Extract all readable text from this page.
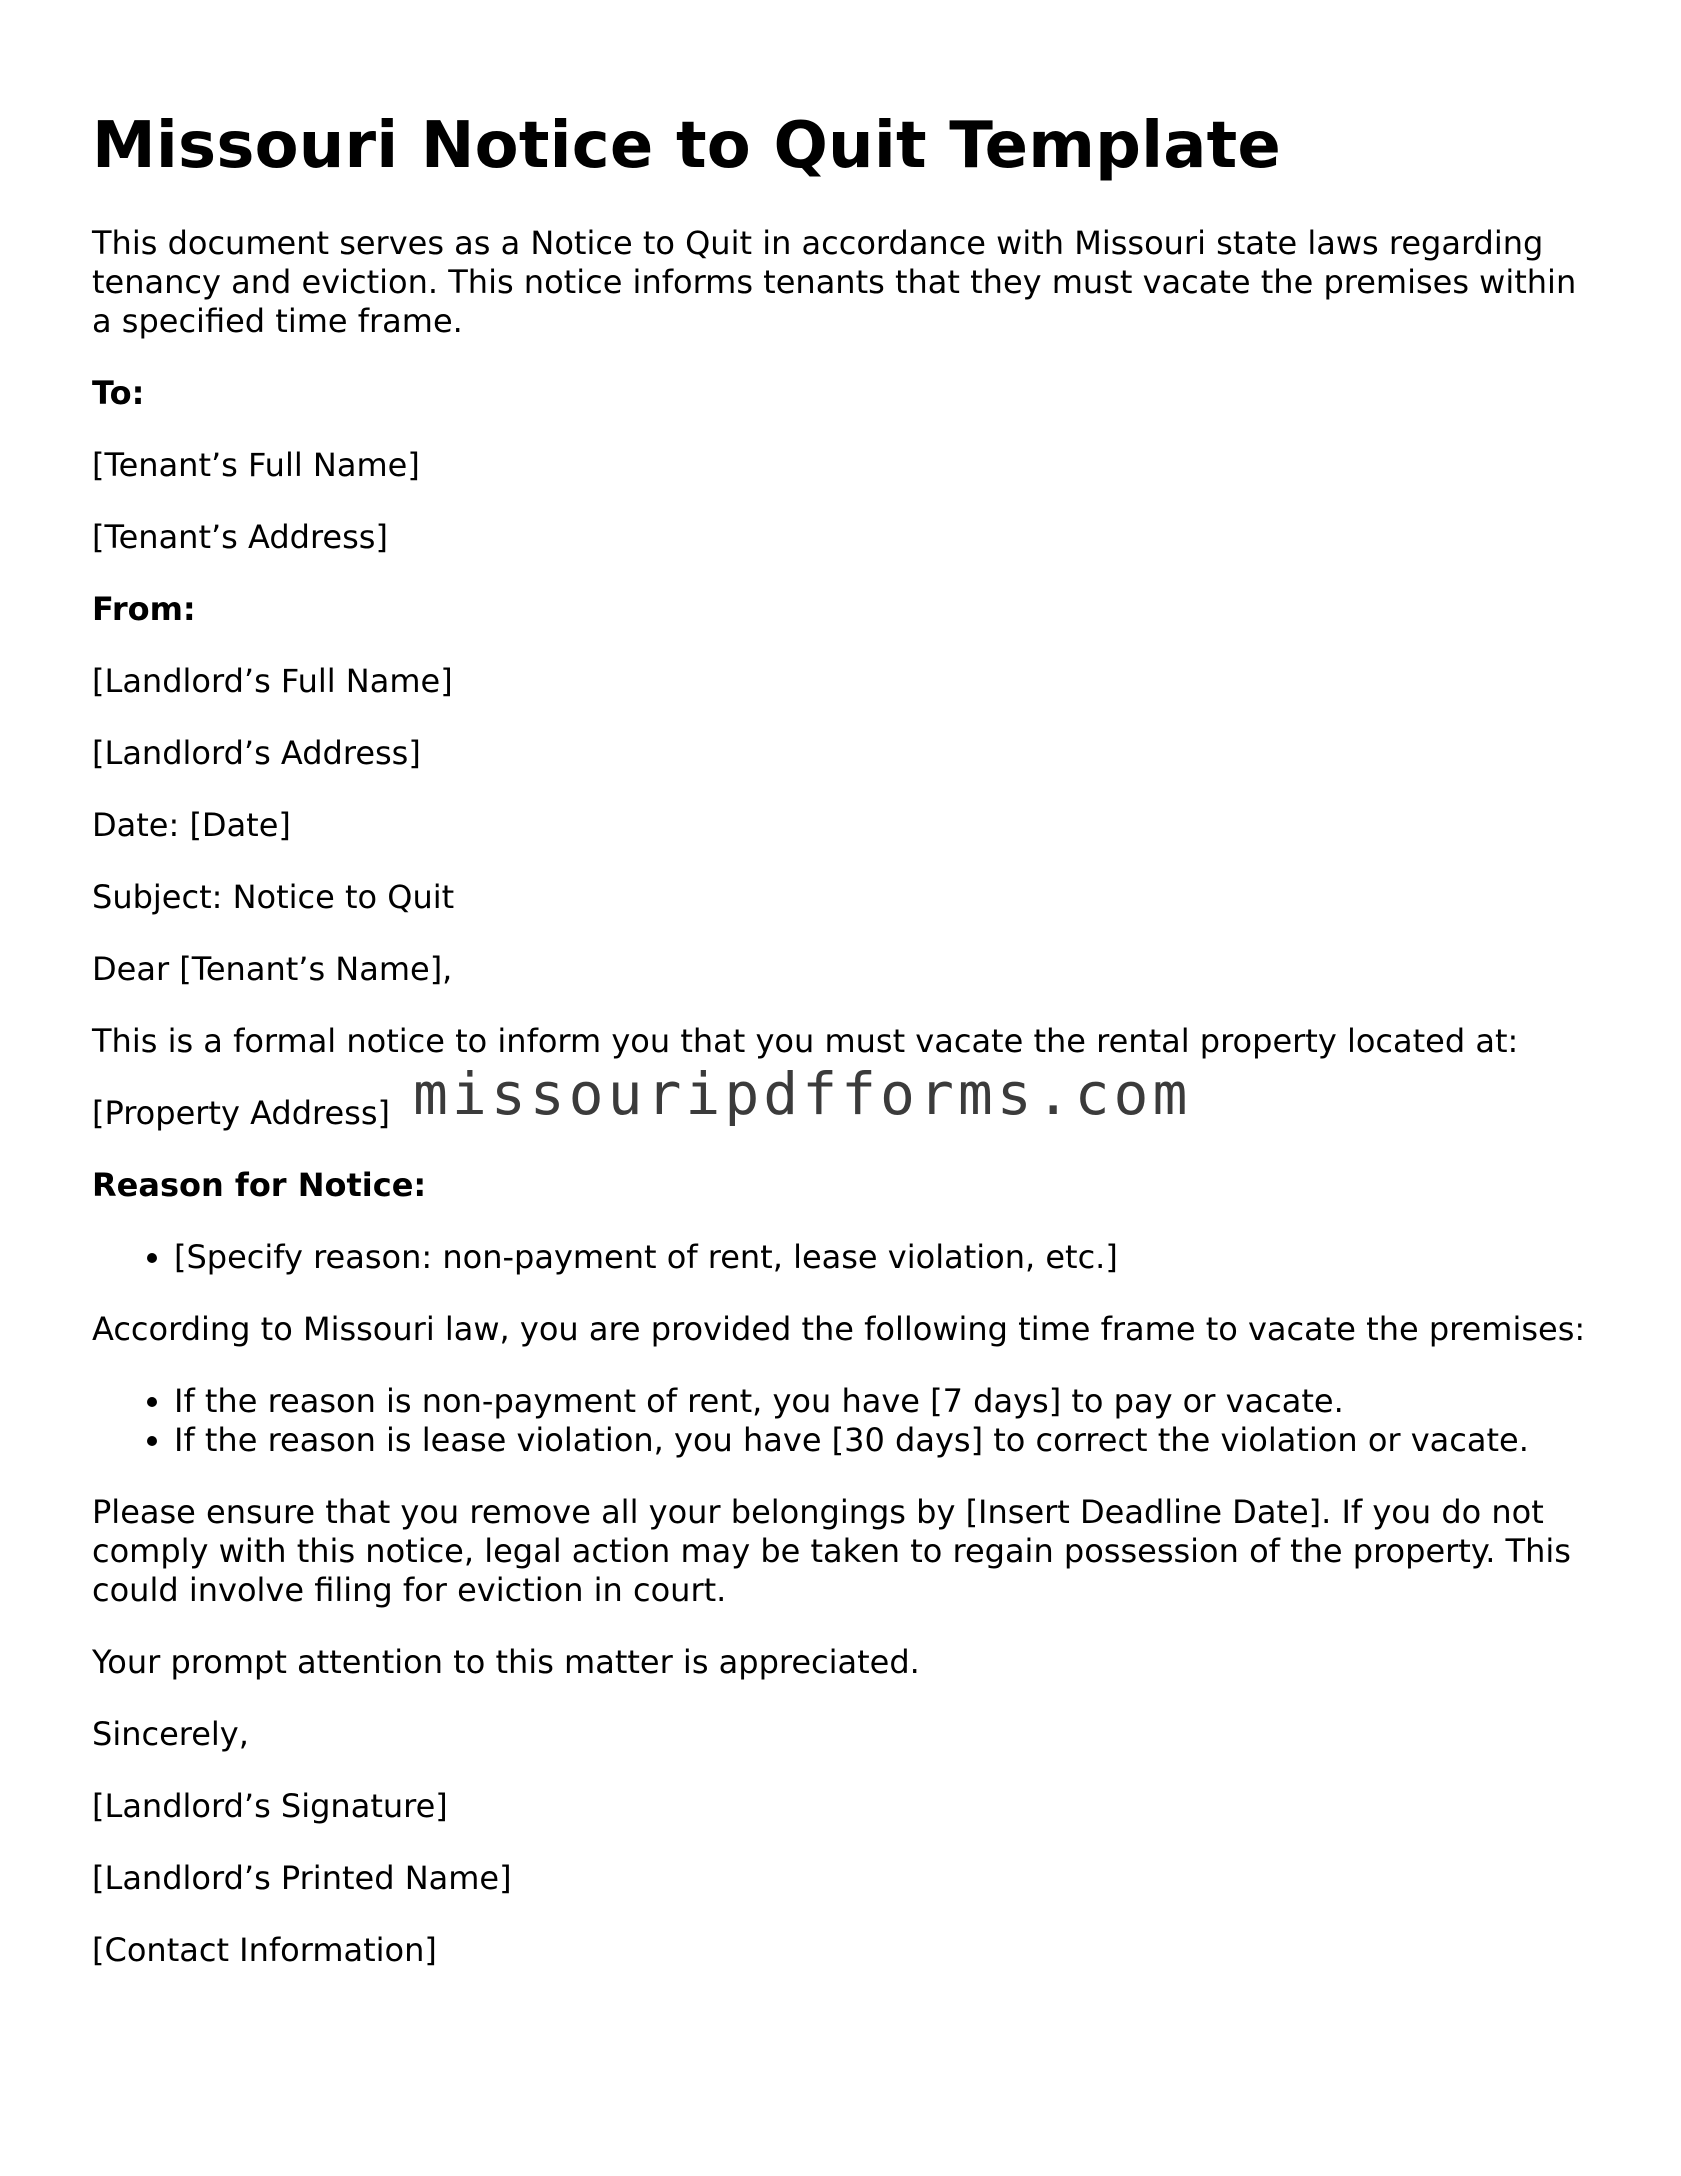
Missouri Notice to Quit Template

This document serves as a Notice to Quit in accordance with Missouri state laws regarding tenancy and eviction. This notice informs tenants that they must vacate the premises within a specified time frame.

To:

[Tenant’s Full Name]

[Tenant’s Address]

From:

[Landlord’s Full Name]

[Landlord’s Address]

Date: [Date]

Subject: Notice to Quit

Dear [Tenant’s Name],

This is a formal notice to inform you that you must vacate the rental property located at:

[Property Address]

Reason for Notice:

• [Specify reason: non-payment of rent, lease violation, etc.]

According to Missouri law, you are provided the following time frame to vacate the premises:

• If the reason is non-payment of rent, you have [7 days] to pay or vacate.
• If the reason is lease violation, you have [30 days] to correct the violation or vacate.

Please ensure that you remove all your belongings by [Insert Deadline Date]. If you do not comply with this notice, legal action may be taken to regain possession of the property. This could involve filing for eviction in court.

Your prompt attention to this matter is appreciated.

Sincerely,

[Landlord’s Signature]

[Landlord’s Printed Name]

[Contact Information]

missouripdfforms.com
